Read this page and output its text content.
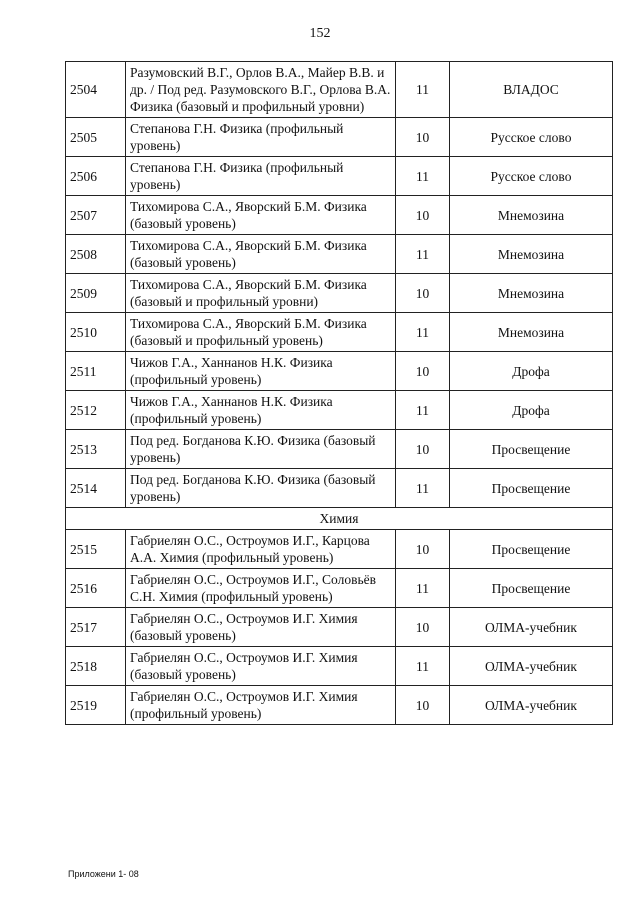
152
2504	Разумовский В.Г., Орлов В.А., Майер В.В. и др. / Под ред. Разумовского В.Г., Орлова В.А. Физика (базовый и профильный уровни)	11	ВЛАДОС
2505	Степанова Г.Н. Физика (профильный уровень)	10	Русское слово
2506	Степанова Г.Н. Физика (профильный уровень)	11	Русское слово
2507	Тихомирова С.А., Яворский Б.М. Физика (базовый уровень)	10	Мнемозина
2508	Тихомирова С.А., Яворский Б.М. Физика (базовый уровень)	11	Мнемозина
2509	Тихомирова С.А., Яворский Б.М. Физика (базовый и профильный уровни)	10	Мнемозина
2510	Тихомирова С.А., Яворский Б.М. Физика (базовый и профильный уровень)	11	Мнемозина
2511	Чижов Г.А., Ханнанов Н.К. Физика (профильный уровень)	10	Дрофа
2512	Чижов Г.А., Ханнанов Н.К. Физика (профильный уровень)	11	Дрофа
2513	Под ред. Богданова К.Ю. Физика (базовый уровень)	10	Просвещение
2514	Под ред. Богданова К.Ю. Физика (базовый уровень)	11	Просвещение
Химия			
2515	Габриелян О.С., Остроумов И.Г., Карцова А.А. Химия (профильный уровень)	10	Просвещение
2516	Габриелян О.С., Остроумов И.Г., Соловьёв С.Н. Химия (профильный уровень)	11	Просвещение
2517	Габриелян О.С., Остроумов И.Г. Химия (базовый уровень)	10	ОЛМА-учебник
2518	Габриелян О.С., Остроумов И.Г. Химия (базовый уровень)	11	ОЛМА-учебник
2519	Габриелян О.С., Остроумов И.Г. Химия (профильный уровень)	10	ОЛМА-учебник
Приложени 1- 08
